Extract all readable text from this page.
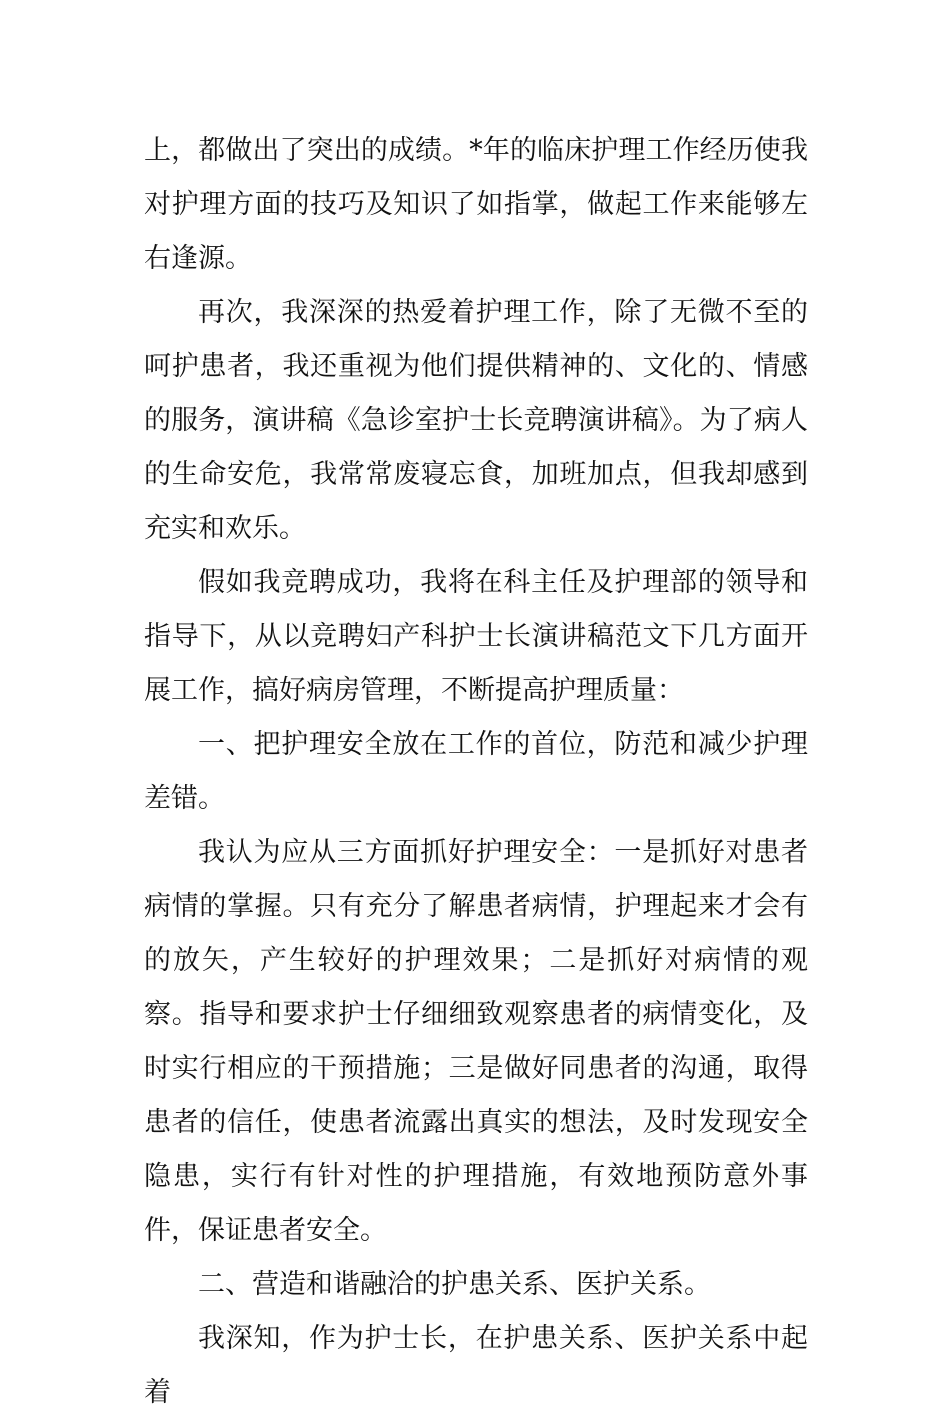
上，都做出了突出的成绩。*年的临床护理工作经历使我对护理方面的技巧及知识了如指掌，做起工作来能够左右逢源。

再次，我深深的热爱着护理工作，除了无微不至的呵护患者，我还重视为他们提供精神的、文化的、情感的服务，演讲稿《急诊室护士长竞聘演讲稿》。为了病人的生命安危，我常常废寝忘食，加班加点，但我却感到充实和欢乐。

假如我竞聘成功，我将在科主任及护理部的领导和指导下，从以竞聘妇产科护士长演讲稿范文下几方面开展工作，搞好病房管理，不断提高护理质量：

一、把护理安全放在工作的首位，防范和减少护理差错。

我认为应从三方面抓好护理安全：一是抓好对患者病情的掌握。只有充分了解患者病情，护理起来才会有的放矢，产生较好的护理效果；二是抓好对病情的观察。指导和要求护士仔细细致观察患者的病情变化，及时实行相应的干预措施；三是做好同患者的沟通，取得患者的信任，使患者流露出真实的想法，及时发现安全隐患，实行有针对性的护理措施，有效地预防意外事件，保证患者安全。

二、营造和谐融洽的护患关系、医护关系。

我深知，作为护士长，在护患关系、医护关系中起着
